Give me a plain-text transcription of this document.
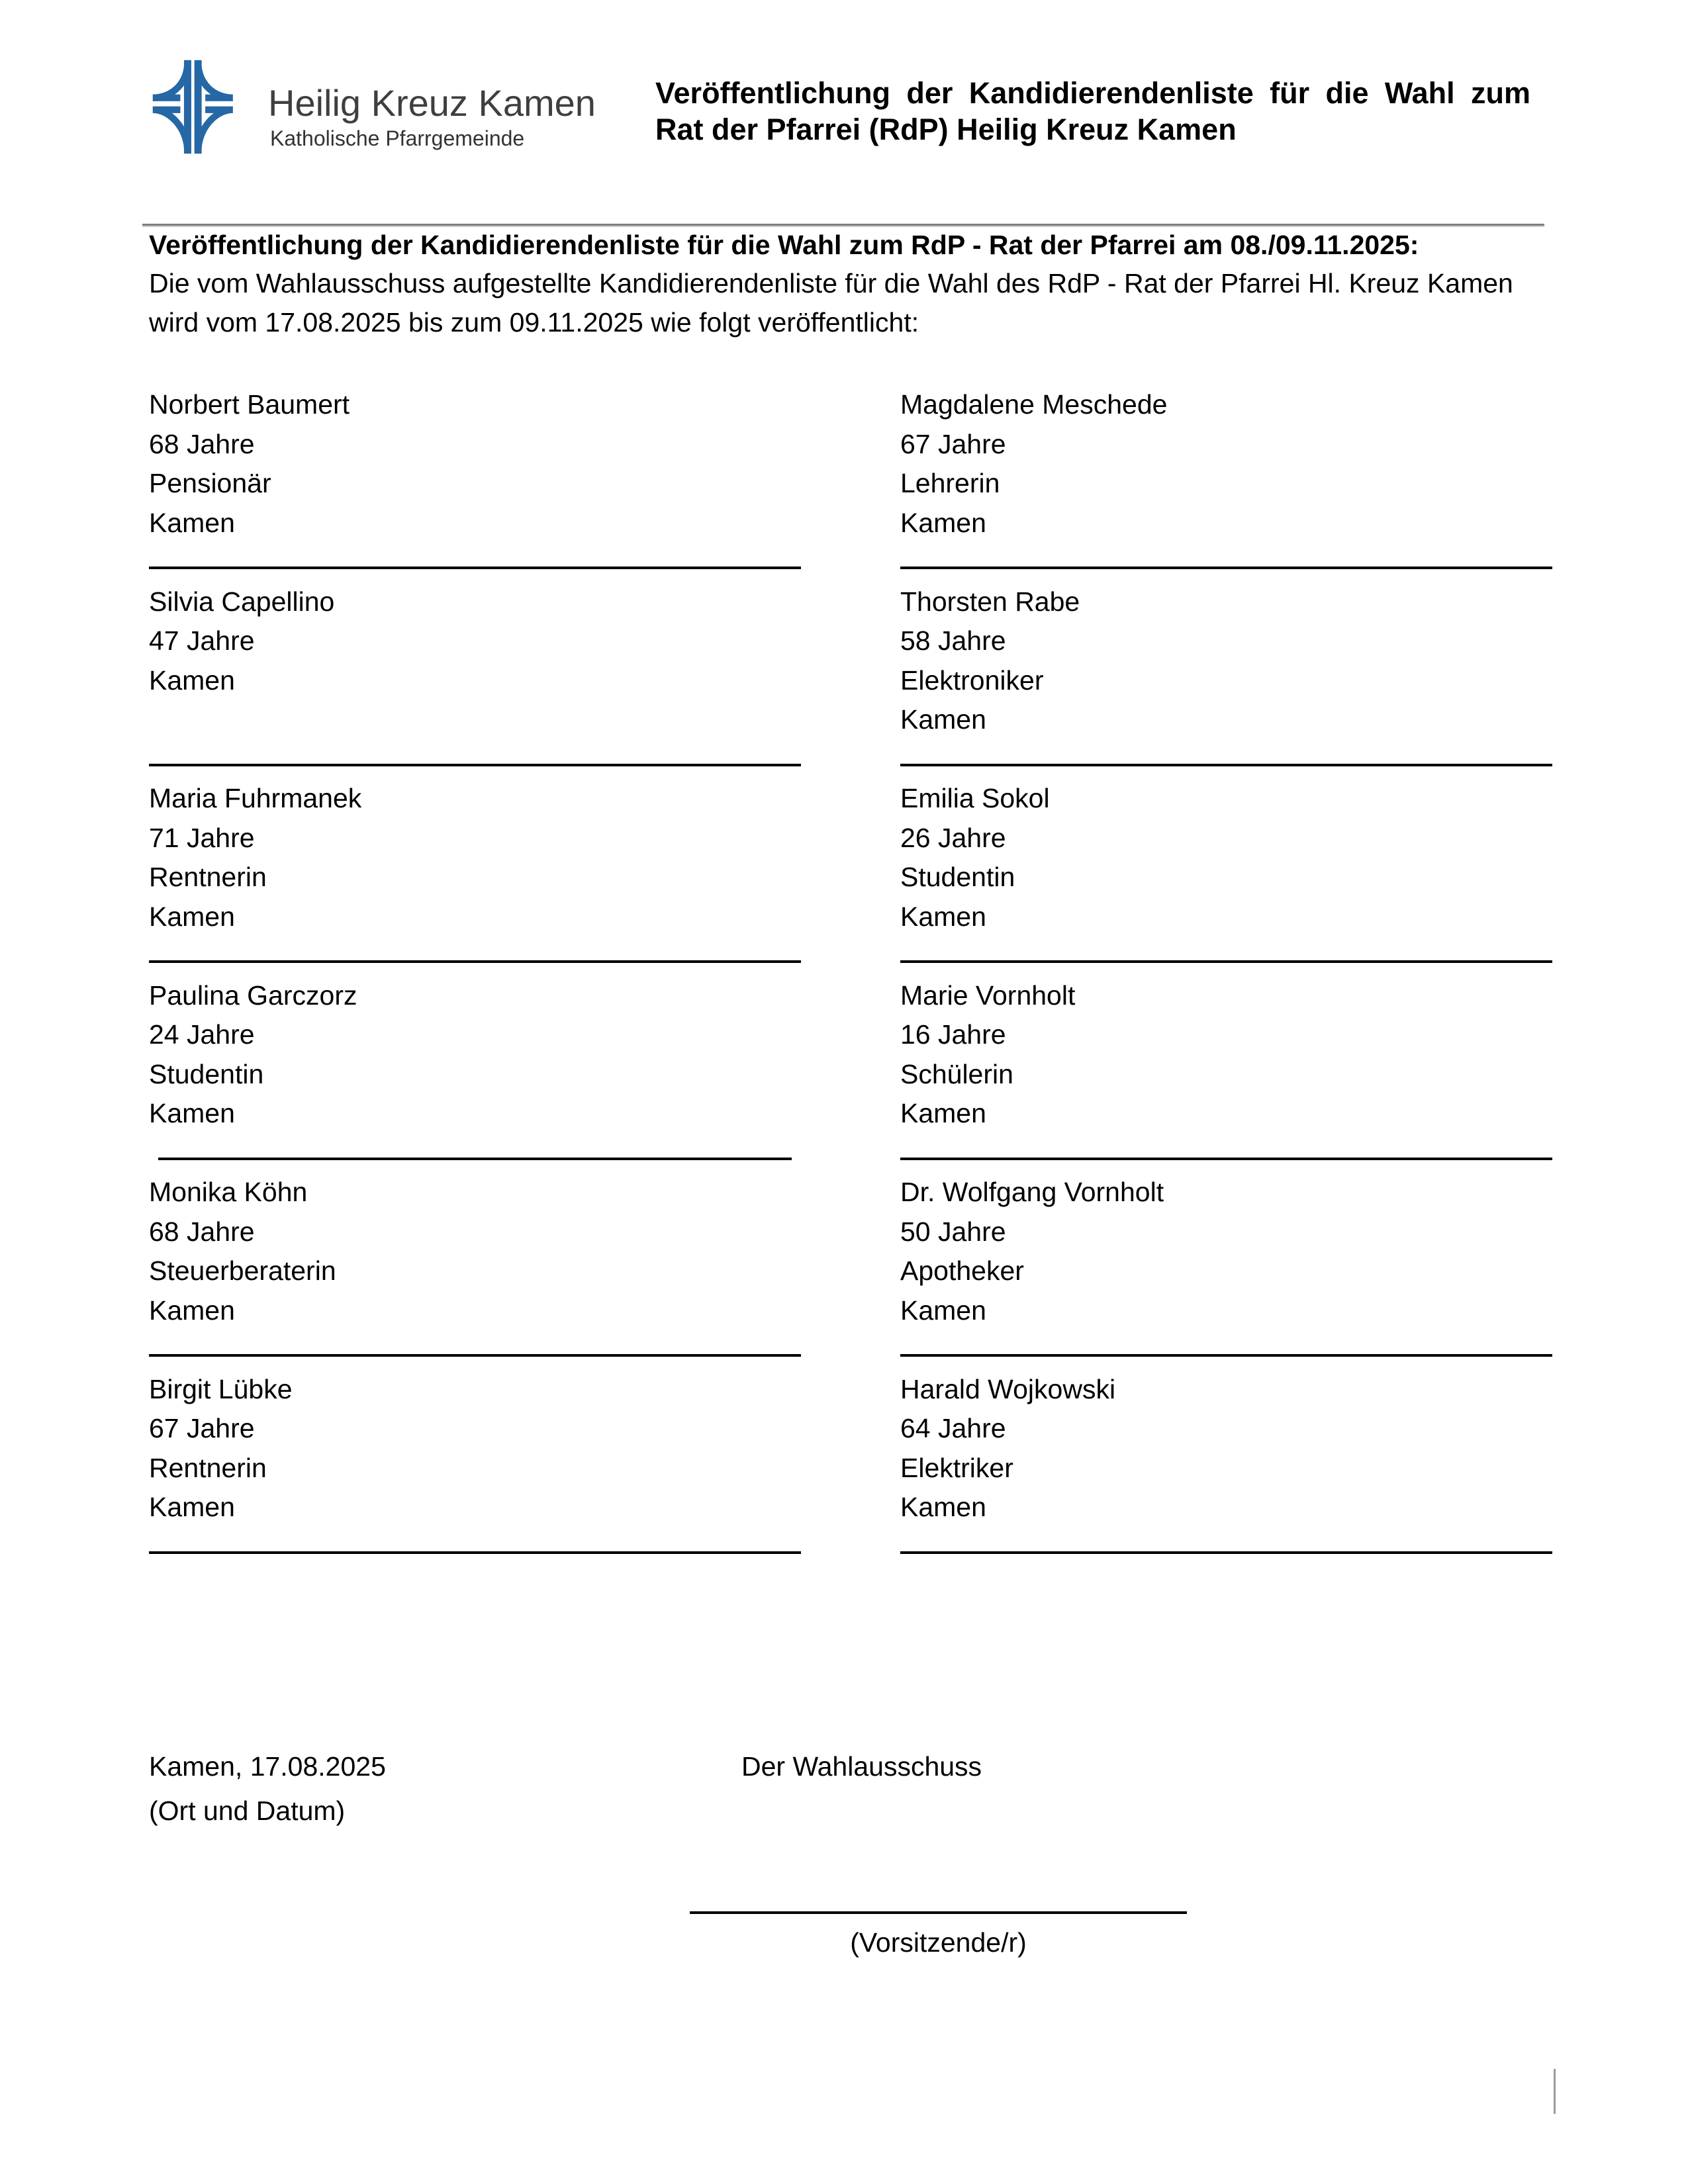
Heilig Kreuz Kamen
Katholische Pfarrgemeinde
Veröffentlichung der Kandidierendenliste für die Wahl zum
Rat der Pfarrei (RdP) Heilig Kreuz Kamen
Veröffentlichung der Kandidierendenliste für die Wahl zum RdP - Rat der Pfarrei am 08./09.11.2025:
Die vom Wahlausschuss aufgestellte Kandidierendenliste für die Wahl des RdP - Rat der Pfarrei Hl. Kreuz Kamen
wird vom 17.08.2025 bis zum 09.11.2025 wie folgt veröffentlicht:
Norbert Baumert
68 Jahre
Pensionär
Kamen
Magdalene Meschede
67 Jahre
Lehrerin
Kamen
Silvia Capellino
47 Jahre
Kamen
Thorsten Rabe
58 Jahre
Elektroniker
Kamen
Maria Fuhrmanek
71 Jahre
Rentnerin
Kamen
Emilia Sokol
26 Jahre
Studentin
Kamen
Paulina Garczorz
24 Jahre
Studentin
Kamen
Marie Vornholt
16 Jahre
Schülerin
Kamen
Monika Köhn
68 Jahre
Steuerberaterin
Kamen
Dr. Wolfgang Vornholt
50 Jahre
Apotheker
Kamen
Birgit Lübke
67 Jahre
Rentnerin
Kamen
Harald Wojkowski
64 Jahre
Elektriker
Kamen
Kamen, 17.08.2025	Der Wahlausschuss
(Ort und Datum)
(Vorsitzende/r)
